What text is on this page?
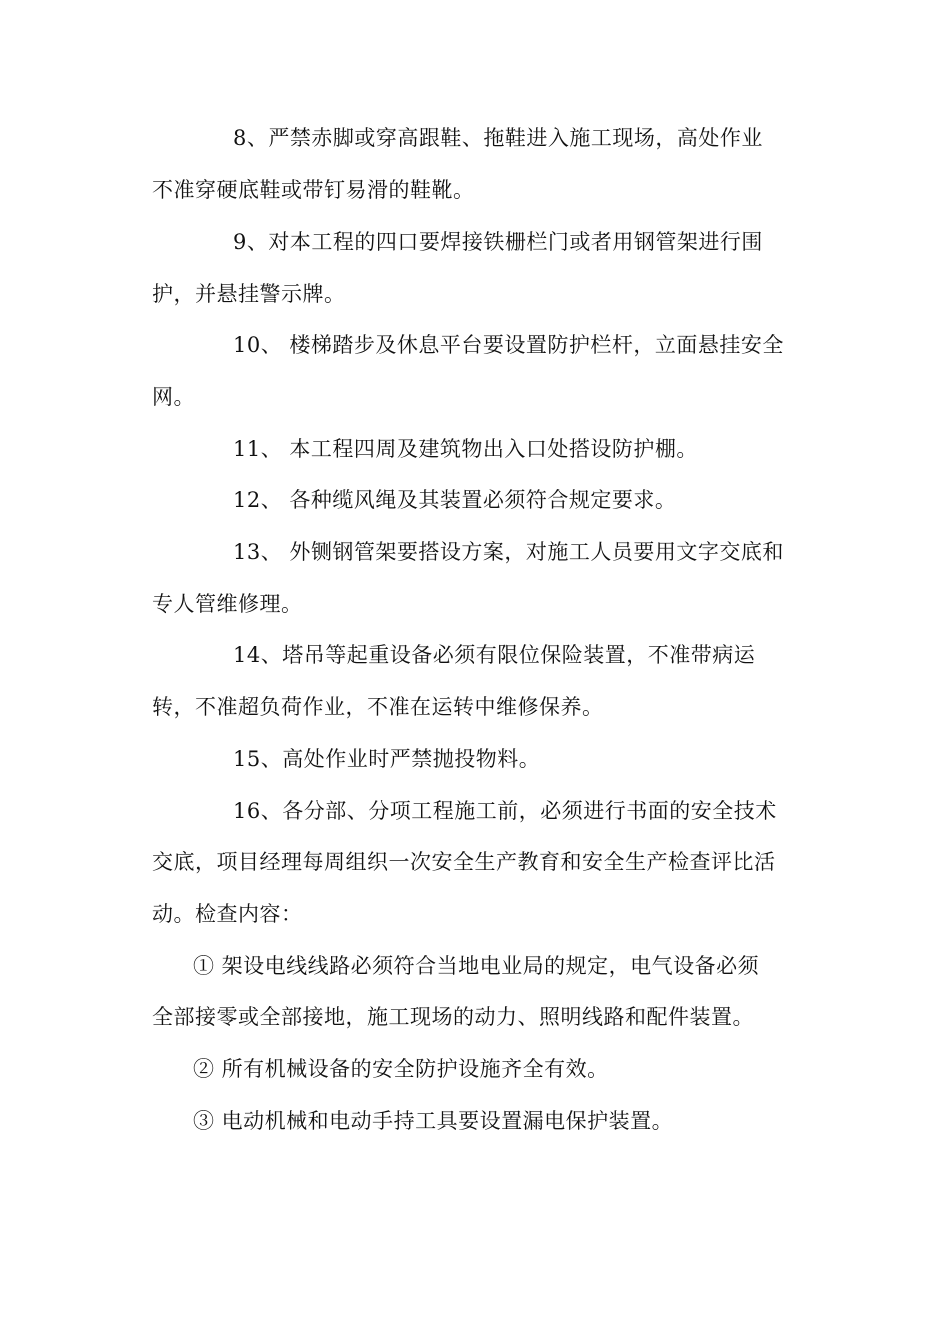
8、严禁赤脚或穿高跟鞋、拖鞋进入施工现场，高处作业
不准穿硬底鞋或带钉易滑的鞋靴。
9、对本工程的四口要焊接铁栅栏门或者用钢管架进行围
护，并悬挂警示牌。
10、 楼梯踏步及休息平台要设置防护栏杆，立面悬挂安全
网。
11、 本工程四周及建筑物出入口处搭设防护棚。
12、 各种缆风绳及其装置必须符合规定要求。
13、 外铡钢管架要搭设方案，对施工人员要用文字交底和
专人管维修理。
14、塔吊等起重设备必须有限位保险装置，不准带病运
转，不准超负荷作业，不准在运转中维修保养。
15、高处作业时严禁抛投物料。
16、各分部、分项工程施工前，必须进行书面的安全技术
交底，项目经理每周组织一次安全生产教育和安全生产检查评比活
动。检查内容：
① 架设电线线路必须符合当地电业局的规定，电气设备必须
全部接零或全部接地，施工现场的动力、照明线路和配件装置。
② 所有机械设备的安全防护设施齐全有效。
③ 电动机械和电动手持工具要设置漏电保护装置。
